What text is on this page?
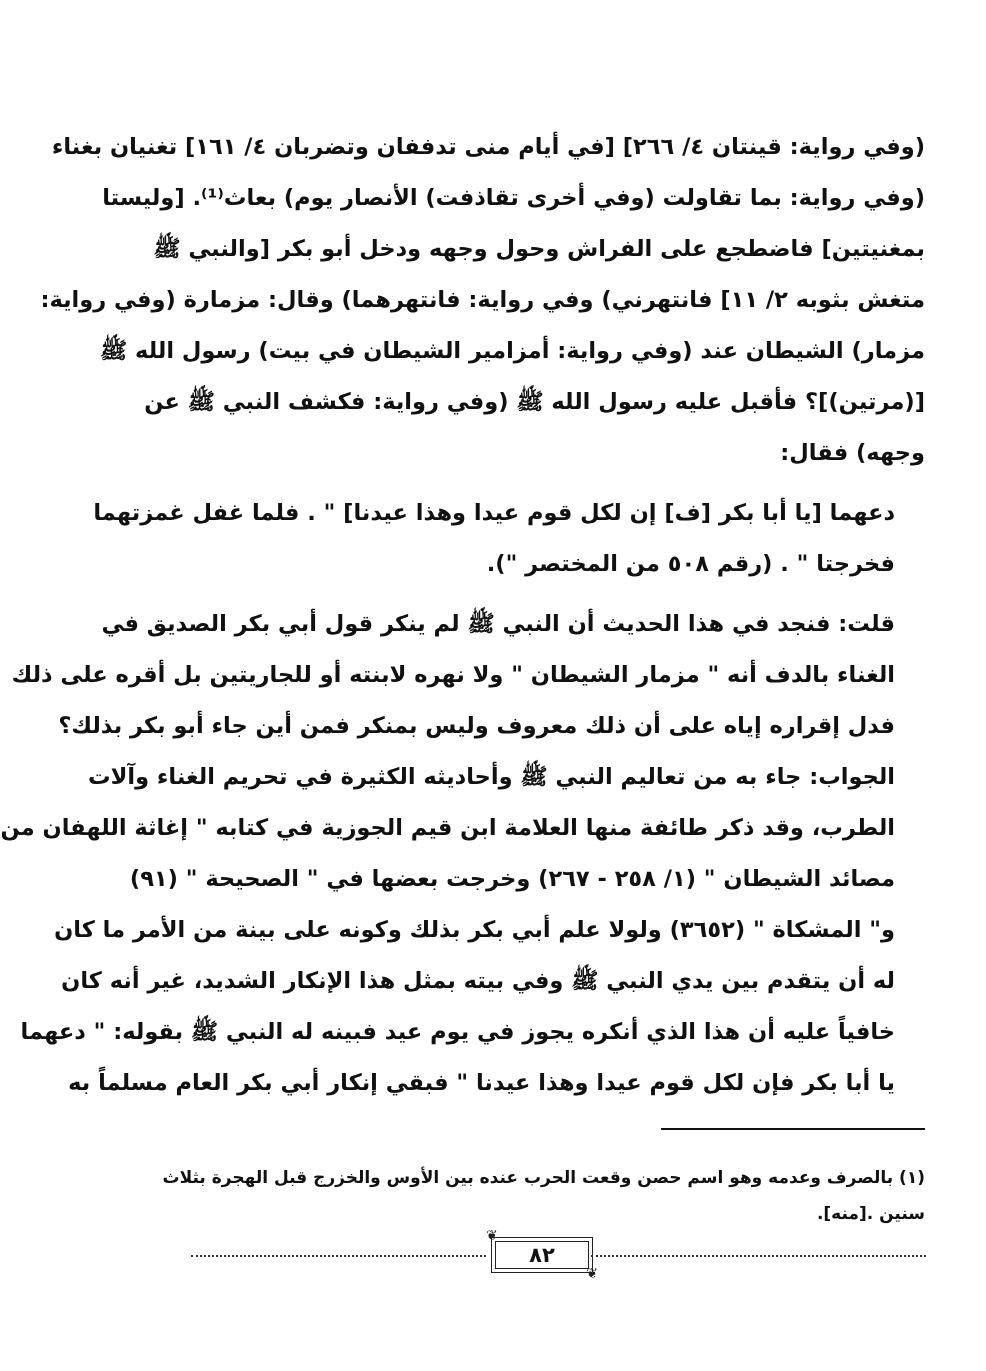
(وفي رواية: قينتان ٤/ ٢٦٦] [في أيام منى تدففان وتضربان ٤/ ١٦١] تغنيان بغناء
(وفي رواية: بما تقاولت (وفي أخرى تقاذفت) الأنصار يوم) بعاث⁽¹⁾. [وليستا
بمغنيتين] فاضطجع على الفراش وحول وجهه ودخل أبو بكر [والنبي ﷺ
متغش بثوبه ٢/ ١١] فانتهرني) وفي رواية: فانتهرهما) وقال: مزمارة (وفي رواية:
مزمار) الشيطان عند (وفي رواية: أمزامير الشيطان في بيت) رسول الله ﷺ
[(مرتين)]؟ فأقبل عليه رسول الله ﷺ (وفي رواية: فكشف النبي ﷺ عن
وجهه) فقال:

دعهما [يا أبا بكر [ف] إن لكل قوم عيدا وهذا عيدنا] " . فلما غفل غمزتهما
فخرجتا " . (رقم ٥٠٨ من المختصر ").

قلت: فنجد في هذا الحديث أن النبي ﷺ لم ينكر قول أبي بكر الصديق في
الغناء بالدف أنه " مزمار الشيطان " ولا نهره لابنته أو للجاريتين بل أقره على ذلك
فدل إقراره إياه على أن ذلك معروف وليس بمنكر فمن أين جاء أبو بكر بذلك؟
الجواب: جاء به من تعاليم النبي ﷺ وأحاديثه الكثيرة في تحريم الغناء وآلات
الطرب، وقد ذكر طائفة منها العلامة ابن قيم الجوزية في كتابه " إغاثة اللهفان من
مصائد الشيطان " (١/ ٢٥٨ - ٢٦٧) وخرجت بعضها في " الصحيحة " (٩١)
و" المشكاة " (٣٦٥٢) ولولا علم أبي بكر بذلك وكونه على بينة من الأمر ما كان
له أن يتقدم بين يدي النبي ﷺ وفي بيته بمثل هذا الإنكار الشديد، غير أنه كان
خافياً عليه أن هذا الذي أنكره يجوز في يوم عيد فبينه له النبي ﷺ بقوله: " دعهما
يا أبا بكر فإن لكل قوم عيدا وهذا عيدنا " فبقي إنكار أبي بكر العام مسلماً به

(١) بالصرف وعدمه وهو اسم حصن وقعت الحرب عنده بين الأوس والخزرج قبل الهجرة بثلاث
سنين .[منه].

❦
❦
٨٢
